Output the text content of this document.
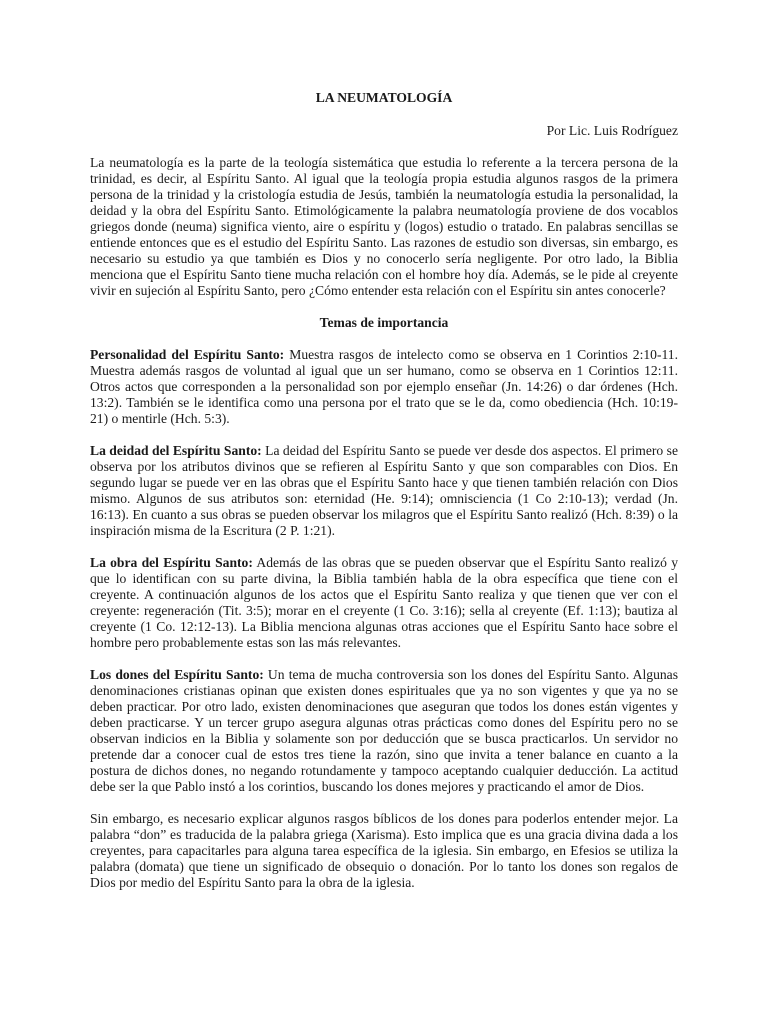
LA NEUMATOLOGÍA
Por Lic. Luis Rodríguez

La neumatología es la parte de la teología sistemática que estudia lo referente a la tercera persona de la trinidad, es decir, al Espíritu Santo. Al igual que la teología propia estudia algunos rasgos de la primera persona de la trinidad y la cristología estudia de Jesús, también la neumatología estudia la personalidad, la deidad y la obra del Espíritu Santo. Etimológicamente la palabra neumatología proviene de dos vocablos griegos donde (neuma) significa viento, aire o espíritu y (logos) estudio o tratado. En palabras sencillas se entiende entonces que es el estudio del Espíritu Santo. Las razones de estudio son diversas, sin embargo, es necesario su estudio ya que también es Dios y no conocerlo sería negligente. Por otro lado, la Biblia menciona que el Espíritu Santo tiene mucha relación con el hombre hoy día. Además, se le pide al creyente vivir en sujeción al Espíritu Santo, pero ¿Cómo entender esta relación con el Espíritu sin antes conocerle?

Temas de importancia

Personalidad del Espíritu Santo: Muestra rasgos de intelecto como se observa en 1 Corintios 2:10-11. Muestra además rasgos de voluntad al igual que un ser humano, como se observa en 1 Corintios 12:11. Otros actos que corresponden a la personalidad son por ejemplo enseñar (Jn. 14:26) o dar órdenes (Hch. 13:2). También se le identifica como una persona por el trato que se le da, como obediencia (Hch. 10:19-21) o mentirle (Hch. 5:3).

La deidad del Espíritu Santo: La deidad del Espíritu Santo se puede ver desde dos aspectos. El primero se observa por los atributos divinos que se refieren al Espíritu Santo y que son comparables con Dios. En segundo lugar se puede ver en las obras que el Espíritu Santo hace y que tienen también relación con Dios mismo. Algunos de sus atributos son: eternidad (He. 9:14); omnisciencia (1 Co 2:10-13); verdad (Jn. 16:13). En cuanto a sus obras se pueden observar los milagros que el Espíritu Santo realizó (Hch. 8:39) o la inspiración misma de la Escritura (2 P. 1:21).

La obra del Espíritu Santo: Además de las obras que se pueden observar que el Espíritu Santo realizó y que lo identifican con su parte divina, la Biblia también habla de la obra específica que tiene con el creyente. A continuación algunos de los actos que el Espíritu Santo realiza y que tienen que ver con el creyente: regeneración (Tit. 3:5); morar en el creyente (1 Co. 3:16); sella al creyente (Ef. 1:13); bautiza al creyente (1 Co. 12:12-13). La Biblia menciona algunas otras acciones que el Espíritu Santo hace sobre el hombre pero probablemente estas son las más relevantes.

Los dones del Espíritu Santo: Un tema de mucha controversia son los dones del Espíritu Santo. Algunas denominaciones cristianas opinan que existen dones espirituales que ya no son vigentes y que ya no se deben practicar. Por otro lado, existen denominaciones que aseguran que todos los dones están vigentes y deben practicarse. Y un tercer grupo asegura algunas otras prácticas como dones del Espíritu pero no se observan indicios en la Biblia y solamente son por deducción que se busca practicarlos. Un servidor no pretende dar a conocer cual de estos tres tiene la razón, sino que invita a tener balance en cuanto a la postura de dichos dones, no negando rotundamente y tampoco aceptando cualquier deducción. La actitud debe ser la que Pablo instó a los corintios, buscando los dones mejores y practicando el amor de Dios.

Sin embargo, es necesario explicar algunos rasgos bíblicos de los dones para poderlos entender mejor. La palabra “don” es traducida de la palabra griega (Xarisma). Esto implica que es una gracia divina dada a los creyentes, para capacitarles para alguna tarea específica de la iglesia. Sin embargo, en Efesios se utiliza la palabra (domata) que tiene un significado de obsequio o donación. Por lo tanto los dones son regalos de Dios por medio del Espíritu Santo para la obra de la iglesia.
